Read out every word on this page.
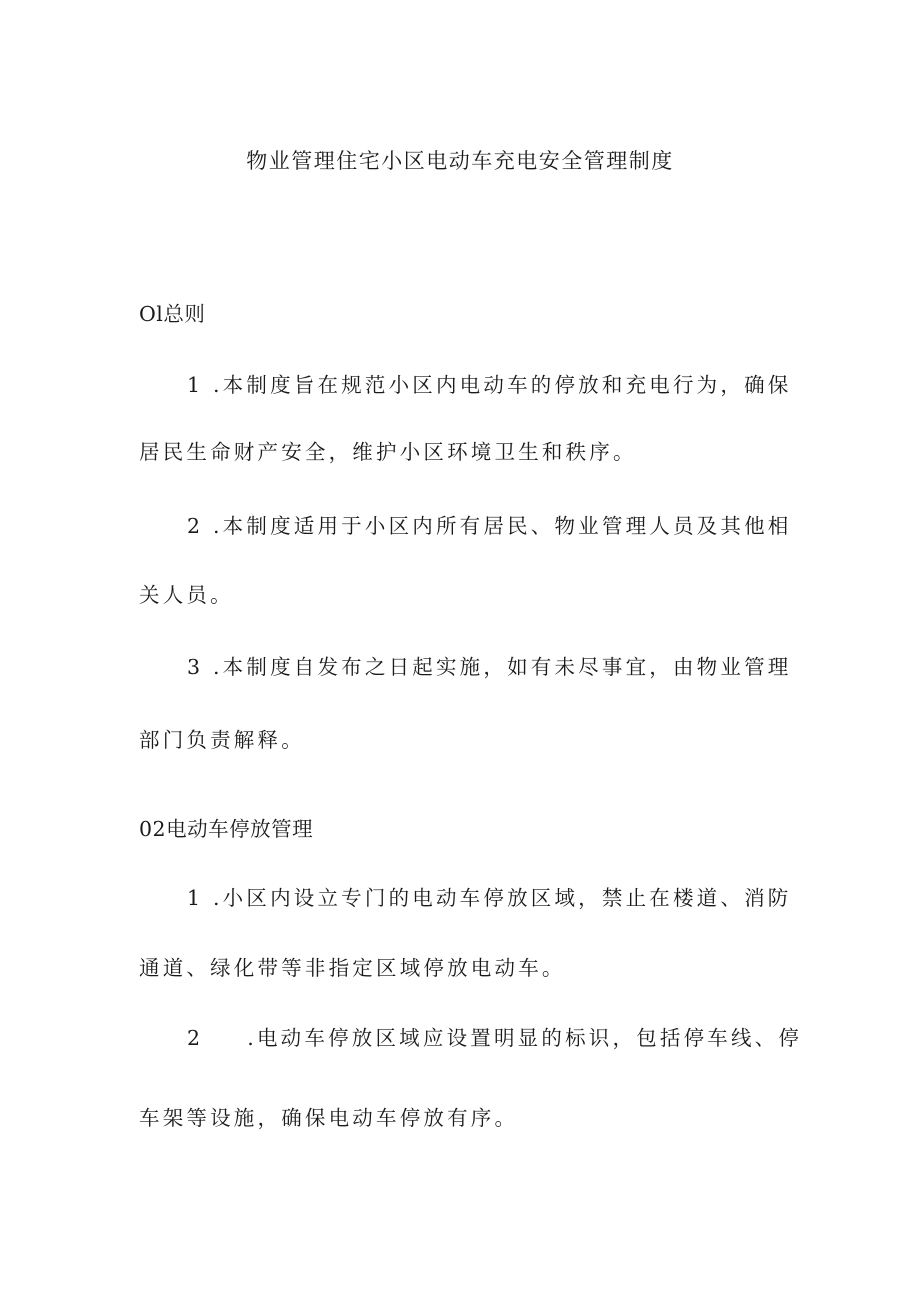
物业管理住宅小区电动车充电安全管理制度
Ol总则
1 .本制度旨在规范小区内电动车的停放和充电行为，确保
居民生命财产安全，维护小区环境卫生和秩序。
2 .本制度适用于小区内所有居民、物业管理人员及其他相
关人员。
3 .本制度自发布之日起实施，如有未尽事宜，由物业管理
部门负责解释。
02电动车停放管理
1 .小区内设立专门的电动车停放区域，禁止在楼道、消防
通道、绿化带等非指定区域停放电动车。
2 .电动车停放区域应设置明显的标识，包括停车线、停
车架等设施，确保电动车停放有序。
